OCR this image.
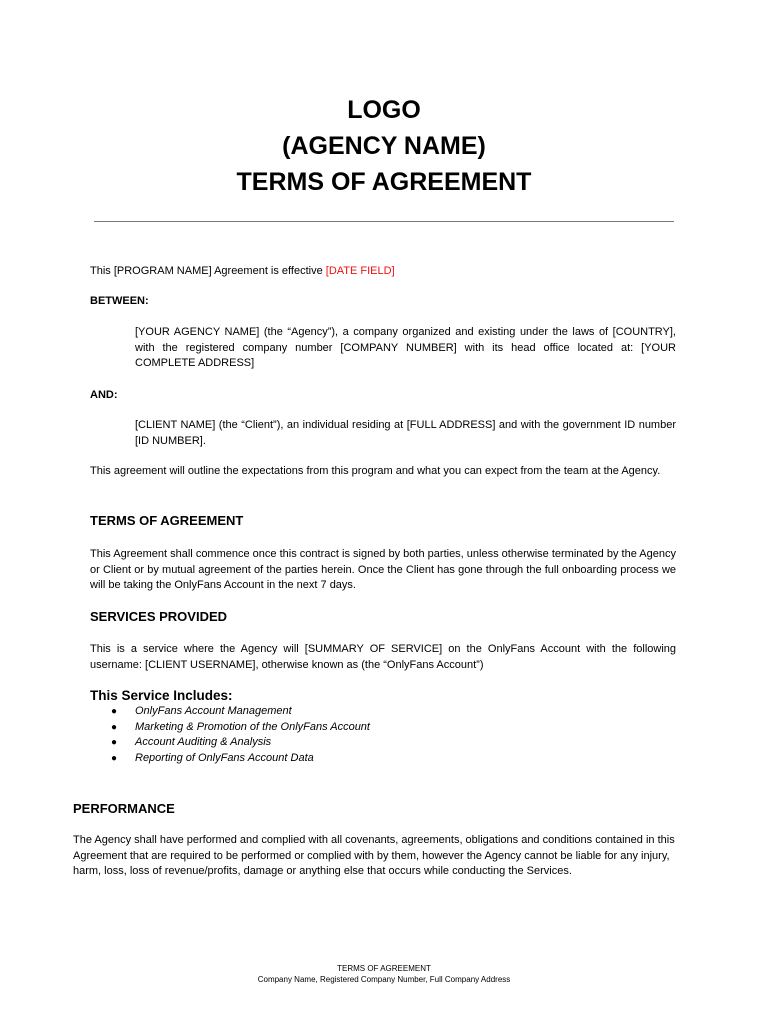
LOGO

(AGENCY NAME)

TERMS OF AGREEMENT

This [PROGRAM NAME] Agreement is effective [DATE FIELD]

BETWEEN:

[YOUR AGENCY NAME] (the “Agency”), a company organized and existing under the laws of [COUNTRY], with the registered company number [COMPANY NUMBER] with its head office located at: [YOUR COMPLETE ADDRESS]

AND:

[CLIENT NAME] (the “Client”), an individual residing at [FULL ADDRESS] and with the government ID number [ID NUMBER].

This agreement will outline the expectations from this program and what you can expect from the team at the Agency.

TERMS OF AGREEMENT

This Agreement shall commence once this contract is signed by both parties, unless otherwise terminated by the Agency or Client or by mutual agreement of the parties herein. Once the Client has gone through the full onboarding process we will be taking the OnlyFans Account in the next 7 days.

SERVICES PROVIDED

This is a service where the Agency will [SUMMARY OF SERVICE] on the OnlyFans Account with the following username: [CLIENT USERNAME], otherwise known as (the “OnlyFans Account”)

This Service Includes:

● OnlyFans Account Management
● Marketing & Promotion of the OnlyFans Account
● Account Auditing & Analysis
● Reporting of OnlyFans Account Data

PERFORMANCE

The Agency shall have performed and complied with all covenants, agreements, obligations and conditions contained in this Agreement that are required to be performed or complied with by them, however the Agency cannot be liable for any injury, harm, loss, loss of revenue/profits, damage or anything else that occurs while conducting the Services.

TERMS OF AGREEMENT

Company Name, Registered Company Number, Full Company Address
